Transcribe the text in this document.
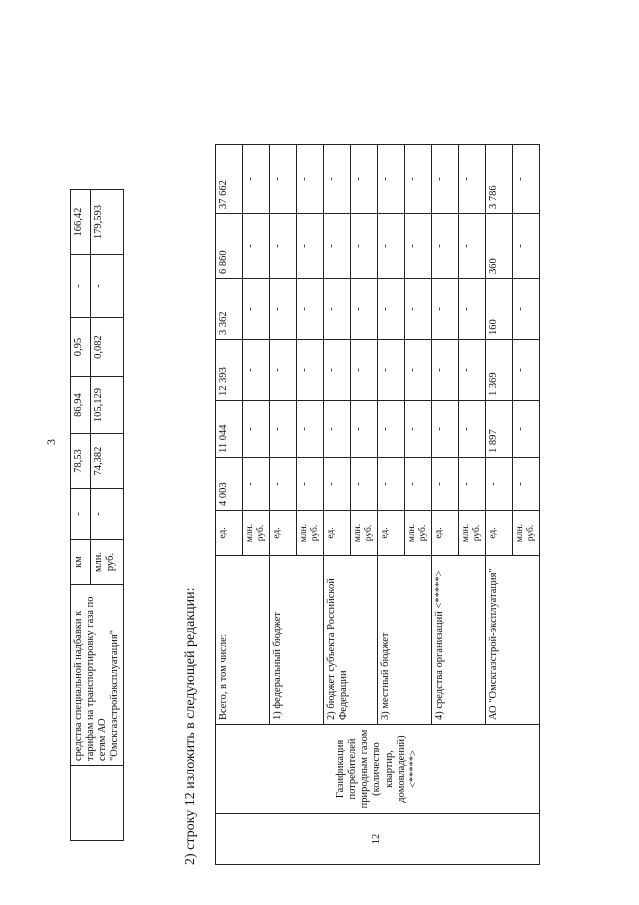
3
	средства специальной надбавки к тарифам на транспортировку газа по сетям АО "Омскгазстройэксплуатация"	км	-	78,53	86,94	0,95	-	166,42
		млн. руб.	-	74,382	105,129	0,082	-	179,593
2) строку 12 изложить в следующей редакции:	12	Газификация потребителей природным газом (количество квартир, домовладений) <*****>	Всего, в том числе:	ед.	4 003	11 044	12 393	3 362	6 860	37 662
			млн. руб.	-	-	-	-	-	-
		1) федеральный бюджет	ед.	-	-	-	-	-	-
			млн. руб.	-	-	-	-	-	-
		2) бюджет субъекта Российской Федерации	ед.	-	-	-	-	-	-
			млн. руб.	-	-	-	-	-	-
		3) местный бюджет	ед.	-	-	-	-	-	-
			млн. руб.	-	-	-	-	-	-
		4) средства организаций <*****>	ед.	-	-	-	-	-	-
			млн. руб.	-	-	-	-	-	-
		АО "Омскгазстрой-эксплуатация"	ед.	-	1 897	1 369	160	360	3 786
			млн. руб.	-	-	-	-	-	-
